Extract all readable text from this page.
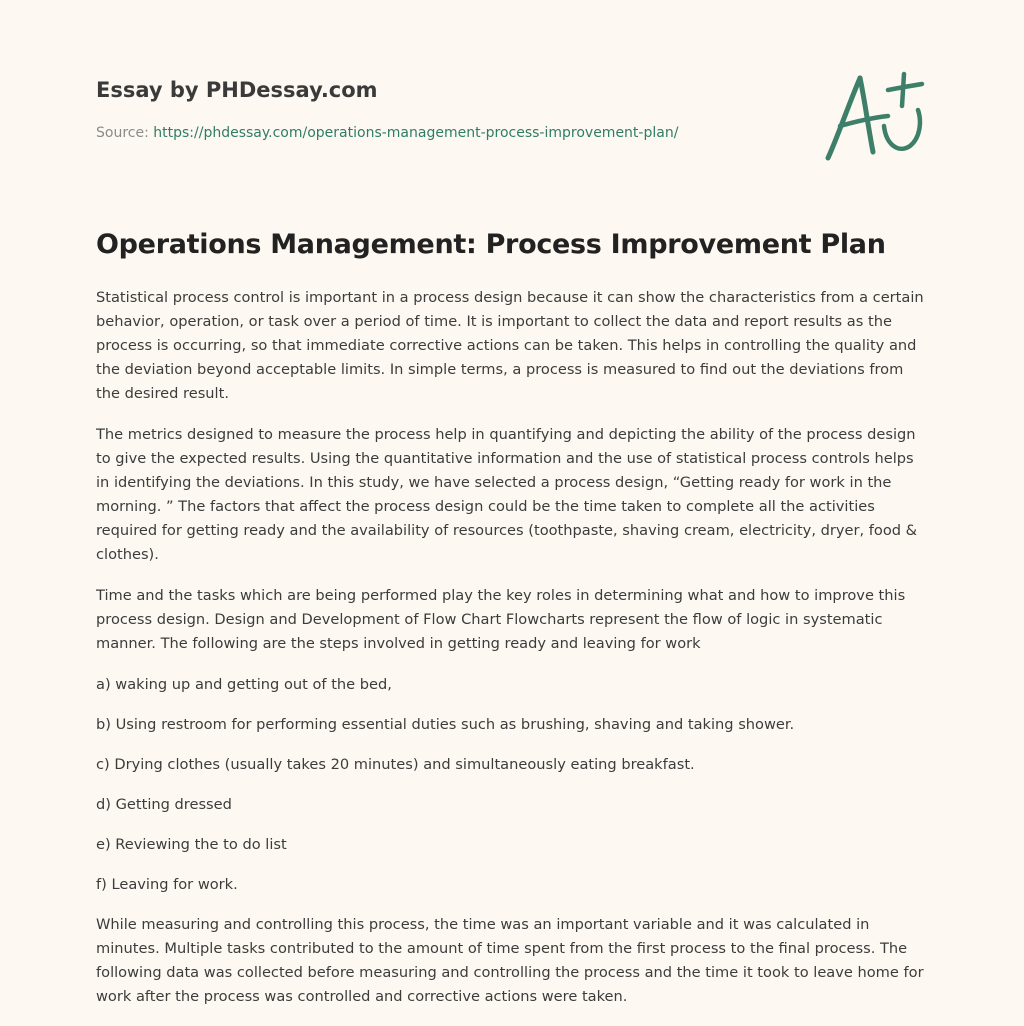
Essay by PHDessay.com
Source: https://phdessay.com/operations-management-process-improvement-plan/
Operations Management: Process Improvement Plan

Statistical process control is important in a process design because it can show the characteristics from a certain behavior, operation, or task over a period of time. It is important to collect the data and report results as the process is occurring, so that immediate corrective actions can be taken. This helps in controlling the quality and the deviation beyond acceptable limits. In simple terms, a process is measured to find out the deviations from the desired result.

The metrics designed to measure the process help in quantifying and depicting the ability of the process design to give the expected results. Using the quantitative information and the use of statistical process controls helps in identifying the deviations. In this study, we have selected a process design, “Getting ready for work in the morning. ” The factors that affect the process design could be the time taken to complete all the activities required for getting ready and the availability of resources (toothpaste, shaving cream, electricity, dryer, food & clothes).

Time and the tasks which are being performed play the key roles in determining what and how to improve this process design. Design and Development of Flow Chart Flowcharts represent the flow of logic in systematic manner. The following are the steps involved in getting ready and leaving for work

a) waking up and getting out of the bed,

b) Using restroom for performing essential duties such as brushing, shaving and taking shower.

c) Drying clothes (usually takes 20 minutes) and simultaneously eating breakfast.

d) Getting dressed

e) Reviewing the to do list

f) Leaving for work.

While measuring and controlling this process, the time was an important variable and it was calculated in minutes. Multiple tasks contributed to the amount of time spent from the first process to the final process. The following data was collected before measuring and controlling the process and the time it took to leave home for work after the process was controlled and corrective actions were taken.
